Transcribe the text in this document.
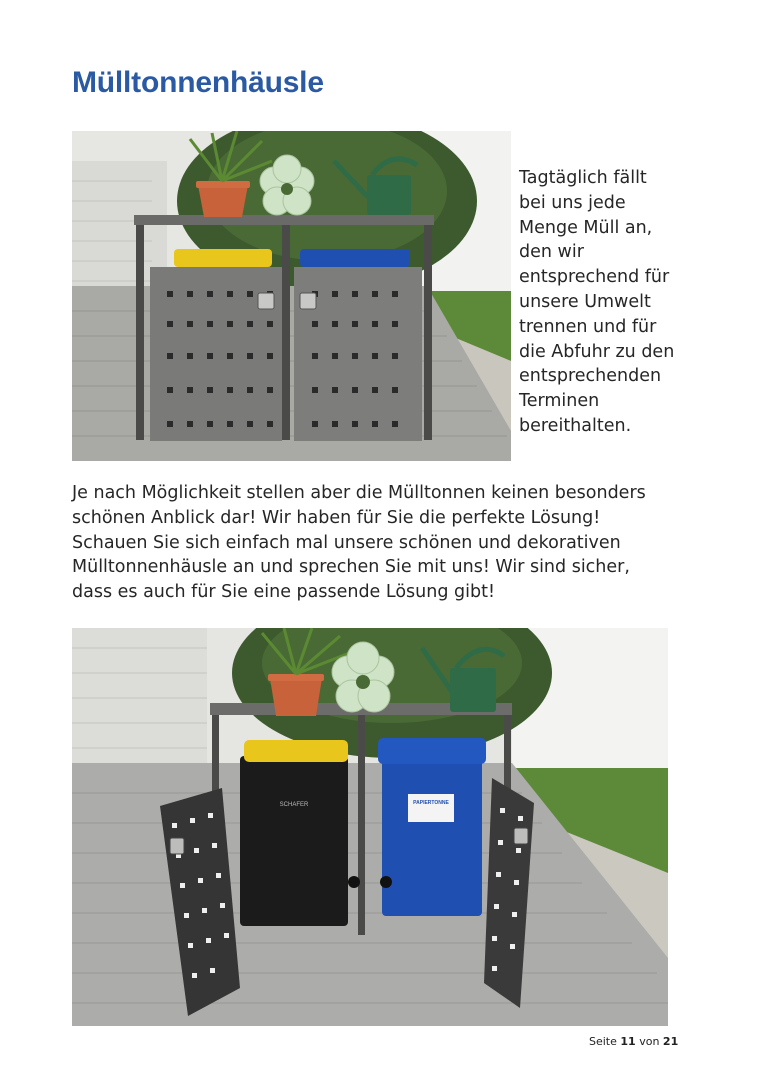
Mülltonnenhäusle

Tagtäglich fällt bei uns jede Menge Müll an, den wir entsprechend für unsere Umwelt trennen und für die Abfuhr zu den entsprechenden Terminen bereithalten.

Je nach Möglichkeit stellen aber die Mülltonnen keinen besonders schönen Anblick dar! Wir haben für Sie die perfekte Lösung! Schauen Sie sich einfach mal unsere schönen und dekorativen Mülltonnenhäusle an und sprechen Sie mit uns! Wir sind sicher, dass es auch für Sie eine passende Lösung gibt!

SCHAFER	PAPIERTONNE
Seite 11 von 21
